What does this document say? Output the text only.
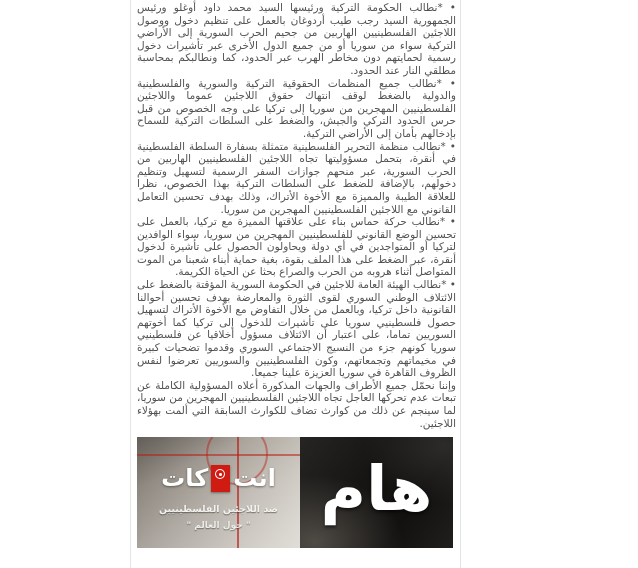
• *نطالب الحكومة التركية ورئيسها السيد محمد داود أوغلو ورئيس الجمهورية السيد رجب طيب أردوغان بالعمل على تنظيم دخول ووصول اللاجئين الفلسطينيين الهاربين من جحيم الحرب السورية إلى الأراضي التركية سواء من سوريا أو من جميع الدول الأخرى عبر تأشيرات دخول رسمية لحمايتهم دون مخاطر الهرب عبر الحدود، كما ونطالبكم بمحاسبة مطلقي النار عند الحدود.

• *نطالب جميع المنظمات الحقوقية التركية والسورية والفلسطينية والدولية بالضغط لوقف انتهاك حقوق اللاجئين عموما واللاجئين الفلسطينيين المهجرين من سوريا إلى تركيا على وجه الخصوص من قبل حرس الحدود التركي والجيش، والضغط على السلطات التركية للسماح بإدخالهم بأمان إلى الأراضي التركية.

• *نطالب منظمة التحرير الفلسطينية متمثلة بسفارة السلطة الفلسطينية في أنقرة، بتحمل مسؤوليتها تجاه اللاجئين الفلسطينيين الهاربين من الحرب السورية، عبر منحهم جوازات السفر الرسمية لتسهيل وتنظيم دخولهم، بالإضافة للضغط على السلطات التركية بهذا الخصوص، نظرا للعلاقة الطيبة والمميزة مع الأخوة الأتراك، وذلك بهدف تحسين التعامل القانوني مع اللاجئين الفلسطينيين المهجرين من سوريا.

• *نطالب حركة حماس بناء على علاقتها المميزة مع تركيا، بالعمل على تحسين الوضع القانوني للفلسطينيين المهجرين من سوريا، سواء الوافدين لتركيا أو المتواجدين في أي دولة ويحاولون الحصول على تأشيرة لدخول أنقرة، عبر الضغط على هذا الملف بقوة، بغية حماية أبناء شعبنا من الموت المتواصل أثناء هروبه من الحرب والصراع بحثا عن الحياة الكريمة.

• *نطالب الهيئة العامة للاجئين في الحكومة السورية المؤقتة بالضغط على الائتلاف الوطني السوري لقوى الثورة والمعارضة بهدف تحسين أحوالنا القانونية داخل تركيا، وبالعمل من خلال التفاوض مع الأخوة الأتراك لتسهيل حصول فلسطينيي سوريا على تأشيرات للدخول إلى تركيا كما أخوتهم السوريين تماما، على اعتبار أن الائتلاف مسؤول أخلاقيا عن فلسطينيي سوريا كونهم جزء من النسيج الاجتماعي السوري وقدموا تضحيات كبيرة في مخيماتهم وتجمعاتهم، وكون الفلسطينيين والسوريين تعرضوا لنفس الظروف القاهرة في سوريا العزيزة علينا جميعا.

وإننا نحمّل جميع الأطراف والجهات المذكورة أعلاه المسؤولية الكاملة عن تبعات عدم تحركها العاجل تجاه اللاجئين الفلسطينيين المهجرين من سوريا، لما سينجم عن ذلك من كوارث تضاف للكوارث السابقة التي ألمت بهؤلاء اللاجئين.

انت
كات
ضد اللاجئين الفلسطينيين
" حول العالم "
هام
